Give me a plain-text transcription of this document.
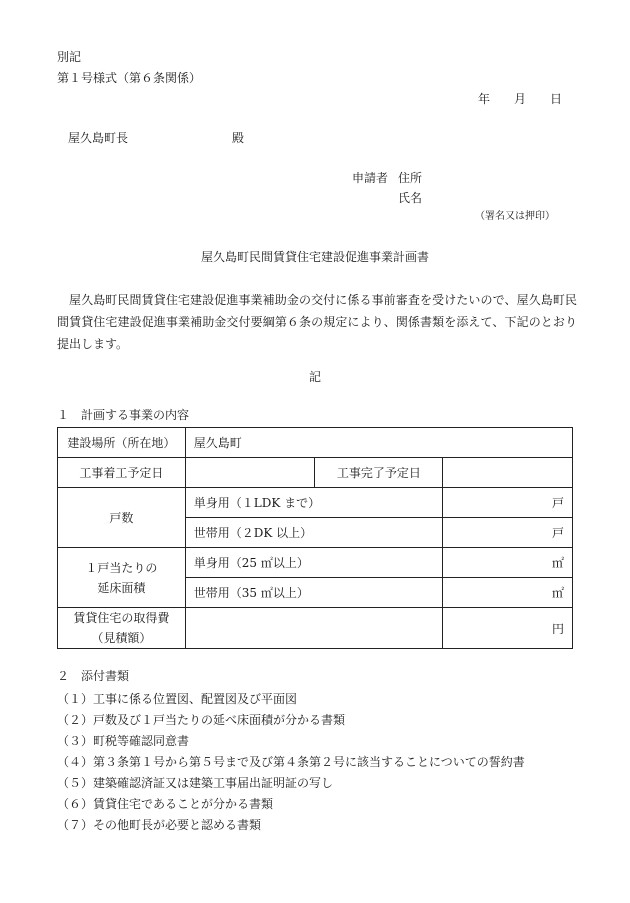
別記
第１号様式（第６条関係）
年　　月　　日
屋久島町長	殿
申請者 住所
氏名
（署名又は押印）
屋久島町民間賃貸住宅建設促進事業計画書
屋久島町民間賃貸住宅建設促進事業補助金の交付に係る事前審査を受けたいので、屋久島町民間賃貸住宅建設促進事業補助金交付要綱第６条の規定により、関係書類を添えて、下記のとおり提出します。
記
１　計画する事業の内容
建設場所（所在地）	屋久島町		
工事着工予定日		工事完了予定日	
戸数	単身用（１LDK まで）		戸
	世帯用（２DK 以上）		戸
１戸当たりの
延床面積	単身用（25 ㎡以上）		㎡
	世帯用（35 ㎡以上）		㎡
賃貸住宅の取得費
（見積額）			円
２　添付書類
（１）工事に係る位置図、配置図及び平面図
（２）戸数及び１戸当たりの延べ床面積が分かる書類
（３）町税等確認同意書
（４）第３条第１号から第５号まで及び第４条第２号に該当することについての誓約書
（５）建築確認済証又は建築工事届出証明証の写し
（６）賃貸住宅であることが分かる書類
（７）その他町長が必要と認める書類
